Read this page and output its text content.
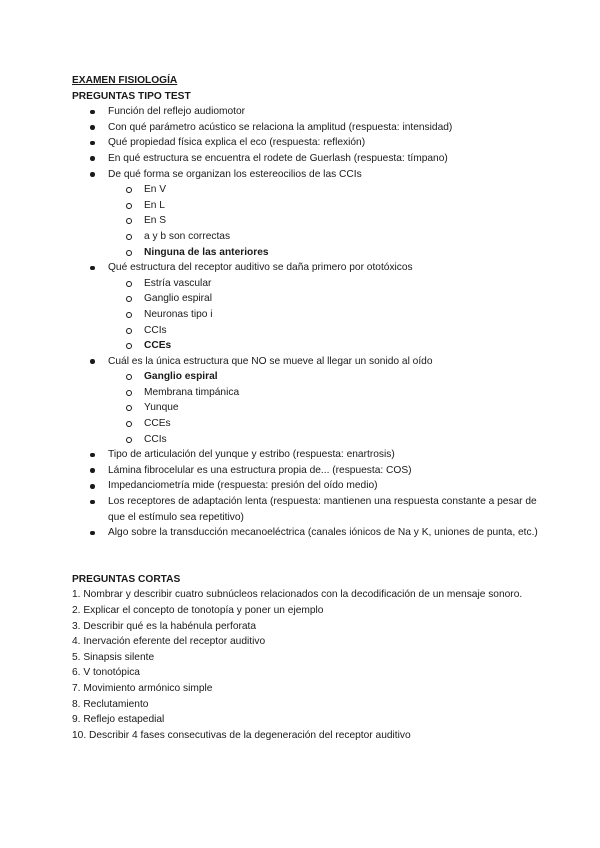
EXAMEN FISIOLOGÍA
PREGUNTAS TIPO TEST
Función del reflejo audiomotor
Con qué parámetro acústico se relaciona la amplitud (respuesta: intensidad)
Qué propiedad física explica el eco (respuesta: reflexión)
En qué estructura se encuentra el rodete de Guerlash (respuesta: tímpano)
De qué forma se organizan los estereocilios de las CCIs
En V
En L
En S
a y b son correctas
Ninguna de las anteriores
Qué estructura del receptor auditivo se daña primero por ototóxicos
Estría vascular
Ganglio espiral
Neuronas tipo i
CCIs
CCEs
Cuál es la única estructura que NO se mueve al llegar un sonido al oído
Ganglio espiral
Membrana timpánica
Yunque
CCEs
CCIs
Tipo de articulación del yunque y estribo (respuesta: enartrosis)
Lámina fibrocelular es una estructura propia de... (respuesta: COS)
Impedanciometría mide (respuesta: presión del oído medio)
Los receptores de adaptación lenta (respuesta: mantienen una respuesta constante a pesar de que el estímulo sea repetitivo)
Algo sobre la transducción mecanoeléctrica (canales iónicos de Na y K, uniones de punta, etc.)
PREGUNTAS CORTAS
1. Nombrar y describir cuatro subnúcleos relacionados con la decodificación de un mensaje sonoro.
2. Explicar el concepto de tonotopía y poner un ejemplo
3. Describir qué es la habénula perforata
4. Inervación eferente del receptor auditivo
5. Sinapsis silente
6. V tonotópica
7. Movimiento armónico simple
8. Reclutamiento
9. Reflejo estapedial
10. Describir 4 fases consecutivas de la degeneración del receptor auditivo
